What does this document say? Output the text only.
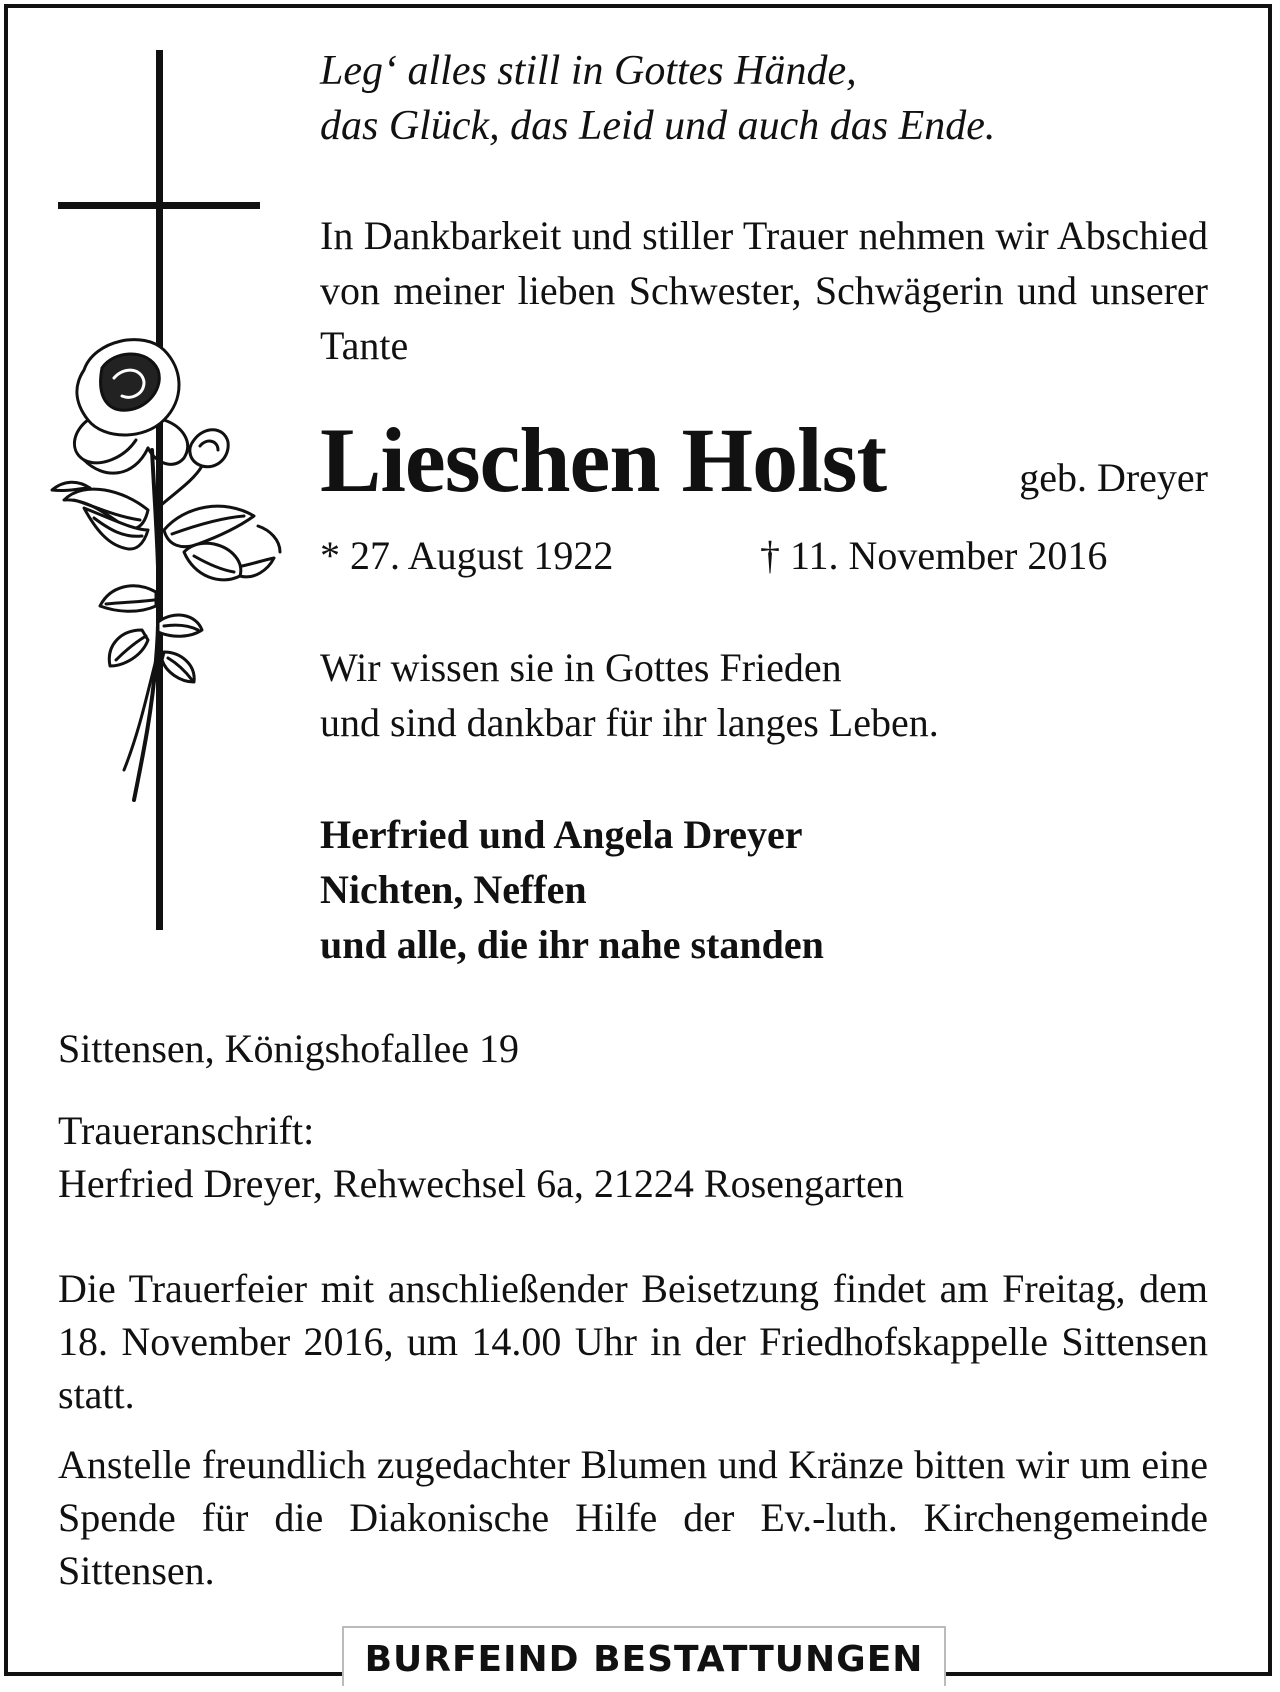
Leg‘ alles still in Gottes Hände,
das Glück, das Leid und auch das Ende.
In Dankbarkeit und stiller Trauer nehmen wir Abschied von meiner lieben Schwester, Schwägerin und unserer Tante
Lieschen Holst	geb. Dreyer
* 27. August 1922	† 11. November 2016
Wir wissen sie in Gottes Frieden
und sind dankbar für ihr langes Leben.
Herfried und Angela Dreyer
Nichten, Neffen
und alle, die ihr nahe standen
Sittensen, Königshofallee 19
Traueranschrift:
Herfried Dreyer, Rehwechsel 6a, 21224 Rosengarten
Die Trauerfeier mit anschließender Beisetzung findet am Freitag, dem 18. November 2016, um 14.00 Uhr in der Friedhofskappelle Sittensen statt.
Anstelle freundlich zugedachter Blumen und Kränze bitten wir um eine Spende für die Diakonische Hilfe der Ev.-luth. Kirchengemeinde Sittensen.
BURFEIND BESTATTUNGEN
